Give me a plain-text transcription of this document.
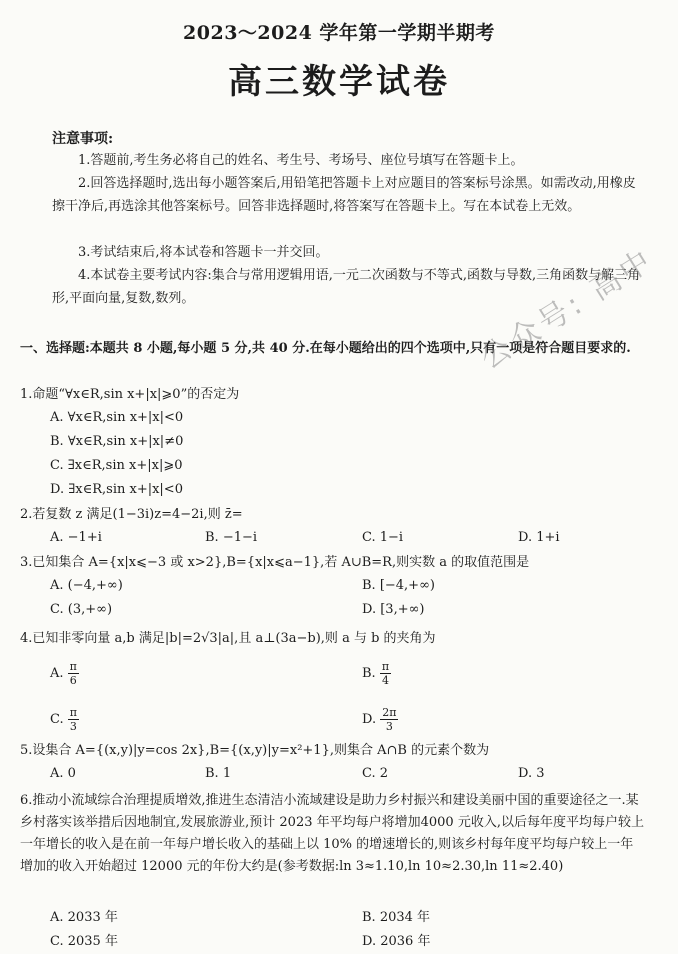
2023～2024 学年第一学期半期考
高三数学试卷
注意事项:
1.答题前,考生务必将自己的姓名、考生号、考场号、座位号填写在答题卡上。
2.回答选择题时,选出每小题答案后,用铅笔把答题卡上对应题目的答案标号涂黑。如需改动,用橡皮擦干净后,再选涂其他答案标号。回答非选择题时,将答案写在答题卡上。写在本试卷上无效。
3.考试结束后,将本试卷和答题卡一并交回。
4.本试卷主要考试内容:集合与常用逻辑用语,一元二次函数与不等式,函数与导数,三角函数与解三角形,平面向量,复数,数列。
一、选择题:本题共 8 小题,每小题 5 分,共 40 分.在每小题给出的四个选项中,只有一项是符合题目要求的.
1.命题“∀x∈R,sin x+|x|⩾0”的否定为
A. ∀x∈R,sin x+|x|<0
B. ∀x∈R,sin x+|x|≠0
C. ∃x∈R,sin x+|x|⩾0
D. ∃x∈R,sin x+|x|<0
2.若复数 z 满足(1−3i)z=4−2i,则 z̄=
A. −1+i	B. −1−i	C. 1−i	D. 1+i
3.已知集合 A={x|x⩽−3 或 x>2},B={x|x⩽a−1},若 A∪B=R,则实数 a 的取值范围是
A. (−4,+∞)	B. [−4,+∞)
C. (3,+∞)	D. [3,+∞)
4.已知非零向量 a,b 满足|b|=2√3|a|,且 a⊥(3a−b),则 a 与 b 的夹角为
A. $\frac{\pi}{6}$	B. $\frac{\pi}{4}$
C. $\frac{\pi}{3}$	D. $\frac{2\pi}{3}$
5.设集合 A={(x,y)|y=cos 2x},B={(x,y)|y=x²+1},则集合 A∩B 的元素个数为
A. 0	B. 1	C. 2	D. 3
6.推动小流域综合治理提质增效,推进生态清洁小流域建设是助力乡村振兴和建设美丽中国的重要途径之一.某乡村落实该举措后因地制宜,发展旅游业,预计 2023 年平均每户将增加4000 元收入,以后每年度平均每户较上一年增长的收入是在前一年每户增长收入的基础上以 10% 的增速增长的,则该乡村每年度平均每户较上一年增加的收入开始超过 12000 元的年份大约是(参考数据:ln 3≈1.10,ln 10≈2.30,ln 11≈2.40)
A. 2033 年	B. 2034 年
C. 2035 年	D. 2036 年
公众号: 高中
